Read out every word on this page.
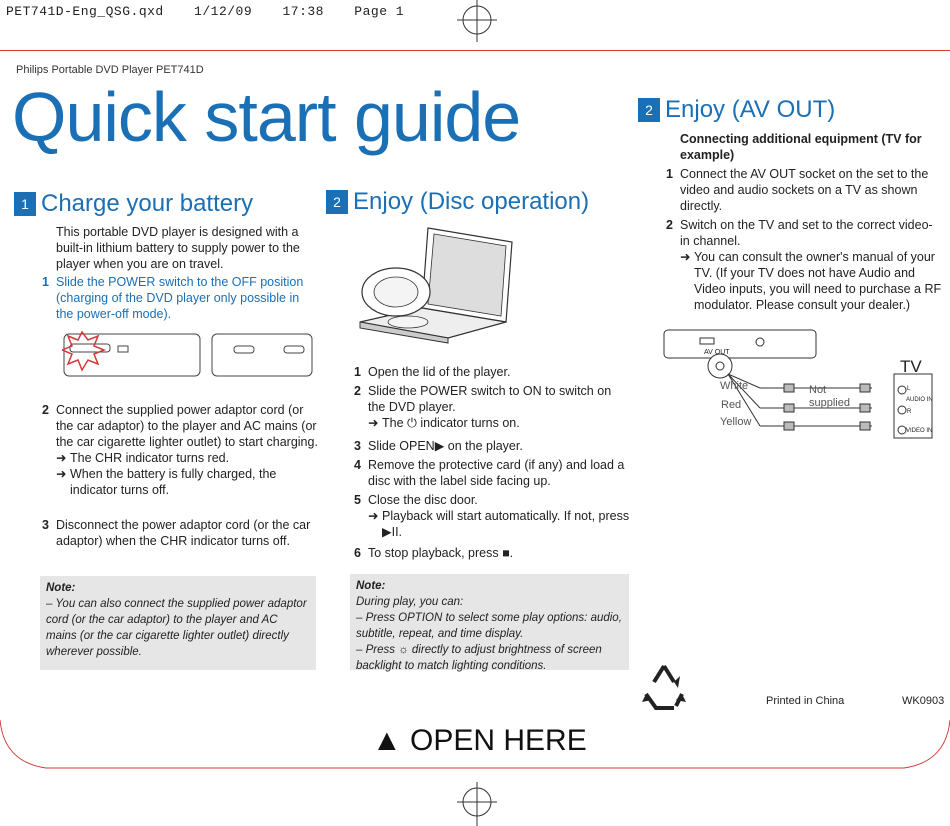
PET741D-Eng_QSG.qxd 1/12/09 17:38 Page 1
Philips Portable DVD Player PET741D
Quick start guide
1 Charge your battery
This portable DVD player is designed with a built-in lithium battery to supply power to the player when you are on travel.
1 Slide the POWER switch to the OFF position (charging of the DVD player only possible in the power-off mode).
2 Connect the supplied power adaptor cord (or the car adaptor) to the player and AC mains (or the car cigarette lighter outlet) to start charging.
➜ The CHR indicator turns red.
➜ When the battery is fully charged, the indicator turns off.
3 Disconnect the power adaptor cord (or the car adaptor) when the CHR indicator turns off.
Note:
– You can also connect the supplied power adaptor cord (or the car adaptor) to the player and AC mains (or the car cigarette lighter outlet) directly wherever possible.
2 Enjoy (Disc operation)
1 Open the lid of the player.
2 Slide the POWER switch to ON to switch on the DVD player.
➜ The ⏻ indicator turns on.
3 Slide OPEN▶ on the player.
4 Remove the protective card (if any) and load a disc with the label side facing up.
5 Close the disc door.
➜ Playback will start automatically. If not, press ▶II.
6 To stop playback, press ■.
Note:
During play, you can:
– Press OPTION to select some play options: audio, subtitle, repeat, and time display.
– Press ☼ directly to adjust brightness of screen backlight to match lighting conditions.
2 Enjoy (AV OUT)
Connecting additional equipment (TV for example)
1 Connect the AV OUT socket on the set to the video and audio sockets on a TV as shown directly.
2 Switch on the TV and set to the correct video-in channel.
➜ You can consult the owner's manual of your TV. (If your TV does not have Audio and Video inputs, you will need to purchase a RF modulator. Please consult your dealer.)
AV OUT
TV
White
Red
Yellow
Not supplied
L
AUDIO IN
R
VIDEO IN
Printed in China	WK0903
▲ OPEN HERE
